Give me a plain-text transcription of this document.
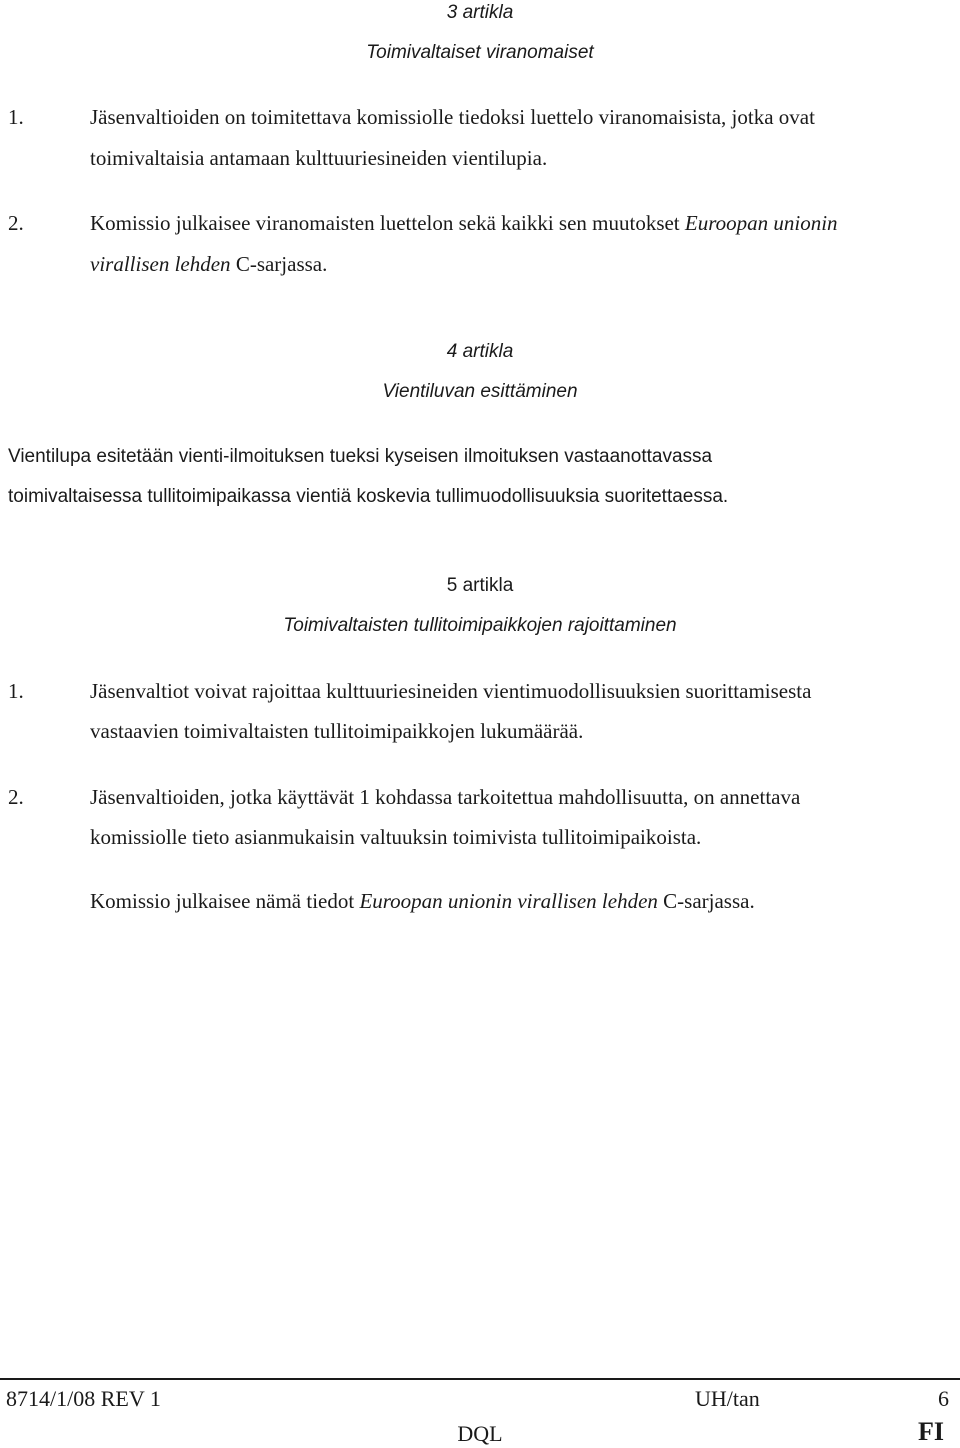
3 artikla
Toimivaltaiset viranomaiset
1.	Jäsenvaltioiden on toimitettava komissiolle tiedoksi luettelo viranomaisista, jotka ovat
toimivaltaisia antamaan kulttuuriesineiden vientilupia.
2.	Komissio julkaisee viranomaisten luettelon sekä kaikki sen muutokset Euroopan unionin
virallisen lehden C-sarjassa.
4 artikla
Vientiluvan esittäminen
Vientilupa esitetään vienti-ilmoituksen tueksi kyseisen ilmoituksen vastaanottavassa
toimivaltaisessa tullitoimipaikassa vientiä koskevia tullimuodollisuuksia suoritettaessa.
5 artikla
Toimivaltaisten tullitoimipaikkojen rajoittaminen
1.	Jäsenvaltiot voivat rajoittaa kulttuuriesineiden vientimuodollisuuksien suorittamisesta
vastaavien toimivaltaisten tullitoimipaikkojen lukumäärää.
2.	Jäsenvaltioiden, jotka käyttävät 1 kohdassa tarkoitettua mahdollisuutta, on annettava
komissiolle tieto asianmukaisin valtuuksin toimivista tullitoimipaikoista.
Komissio julkaisee nämä tiedot Euroopan unionin virallisen lehden C-sarjassa.
8714/1/08 REV 1	UH/tan	6
DQL	FI
